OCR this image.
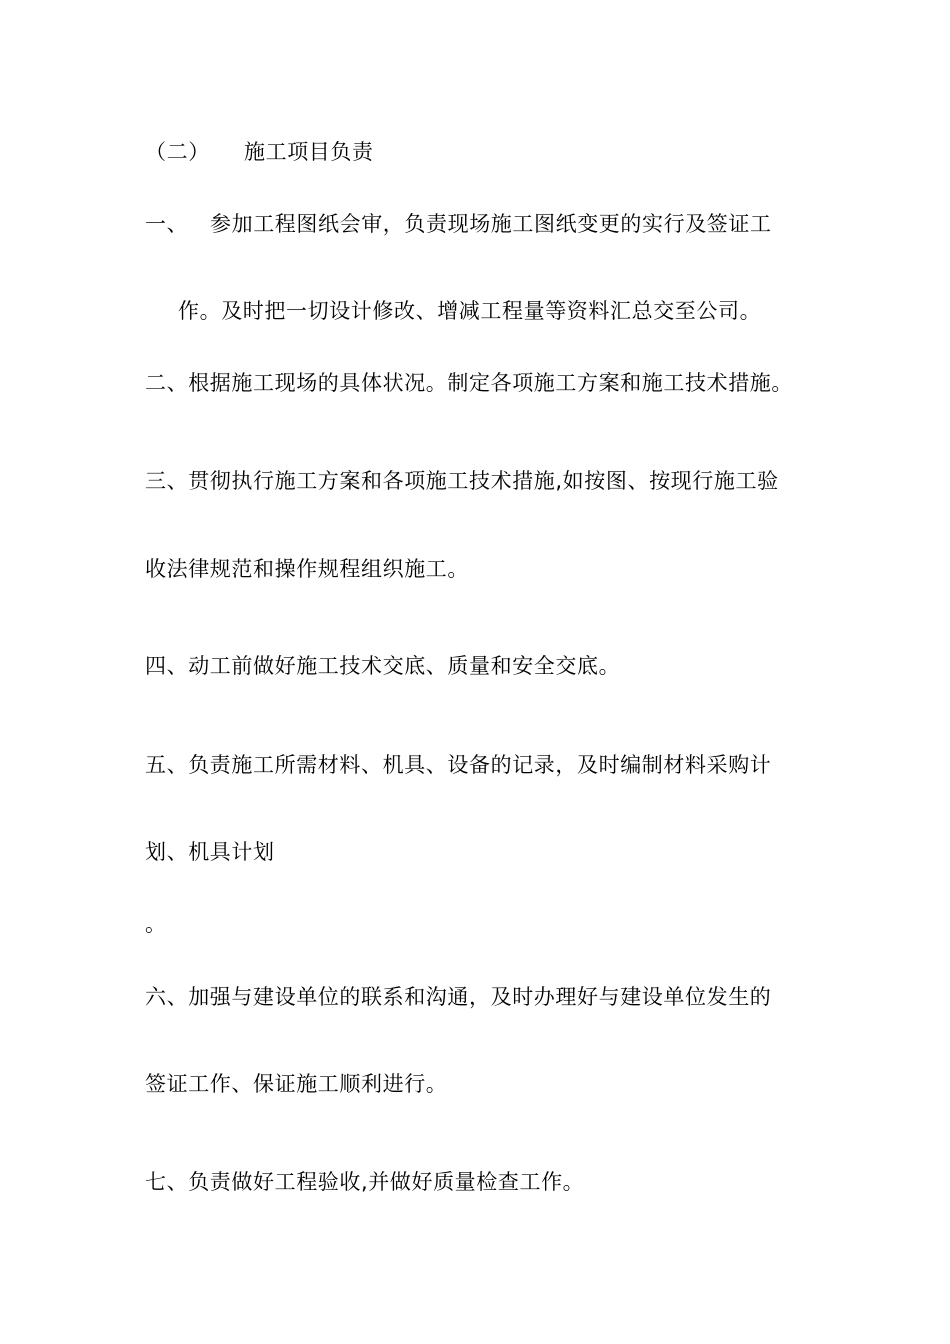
（二） 施工项目负责
一、 参加工程图纸会审，负责现场施工图纸变更的实行及签证工
作。及时把一切设计修改、增减工程量等资料汇总交至公司。
二、根据施工现场的具体状况。制定各项施工方案和施工技术措施。
三、贯彻执行施工方案和各项施工技术措施,如按图、按现行施工验
收法律规范和操作规程组织施工。
四、动工前做好施工技术交底、质量和安全交底。
五、负责施工所需材料、机具、设备的记录，及时编制材料采购计
划、机具计划
。
六、加强与建设单位的联系和沟通，及时办理好与建设单位发生的
签证工作、保证施工顺利进行。
七、负责做好工程验收,并做好质量检查工作。
